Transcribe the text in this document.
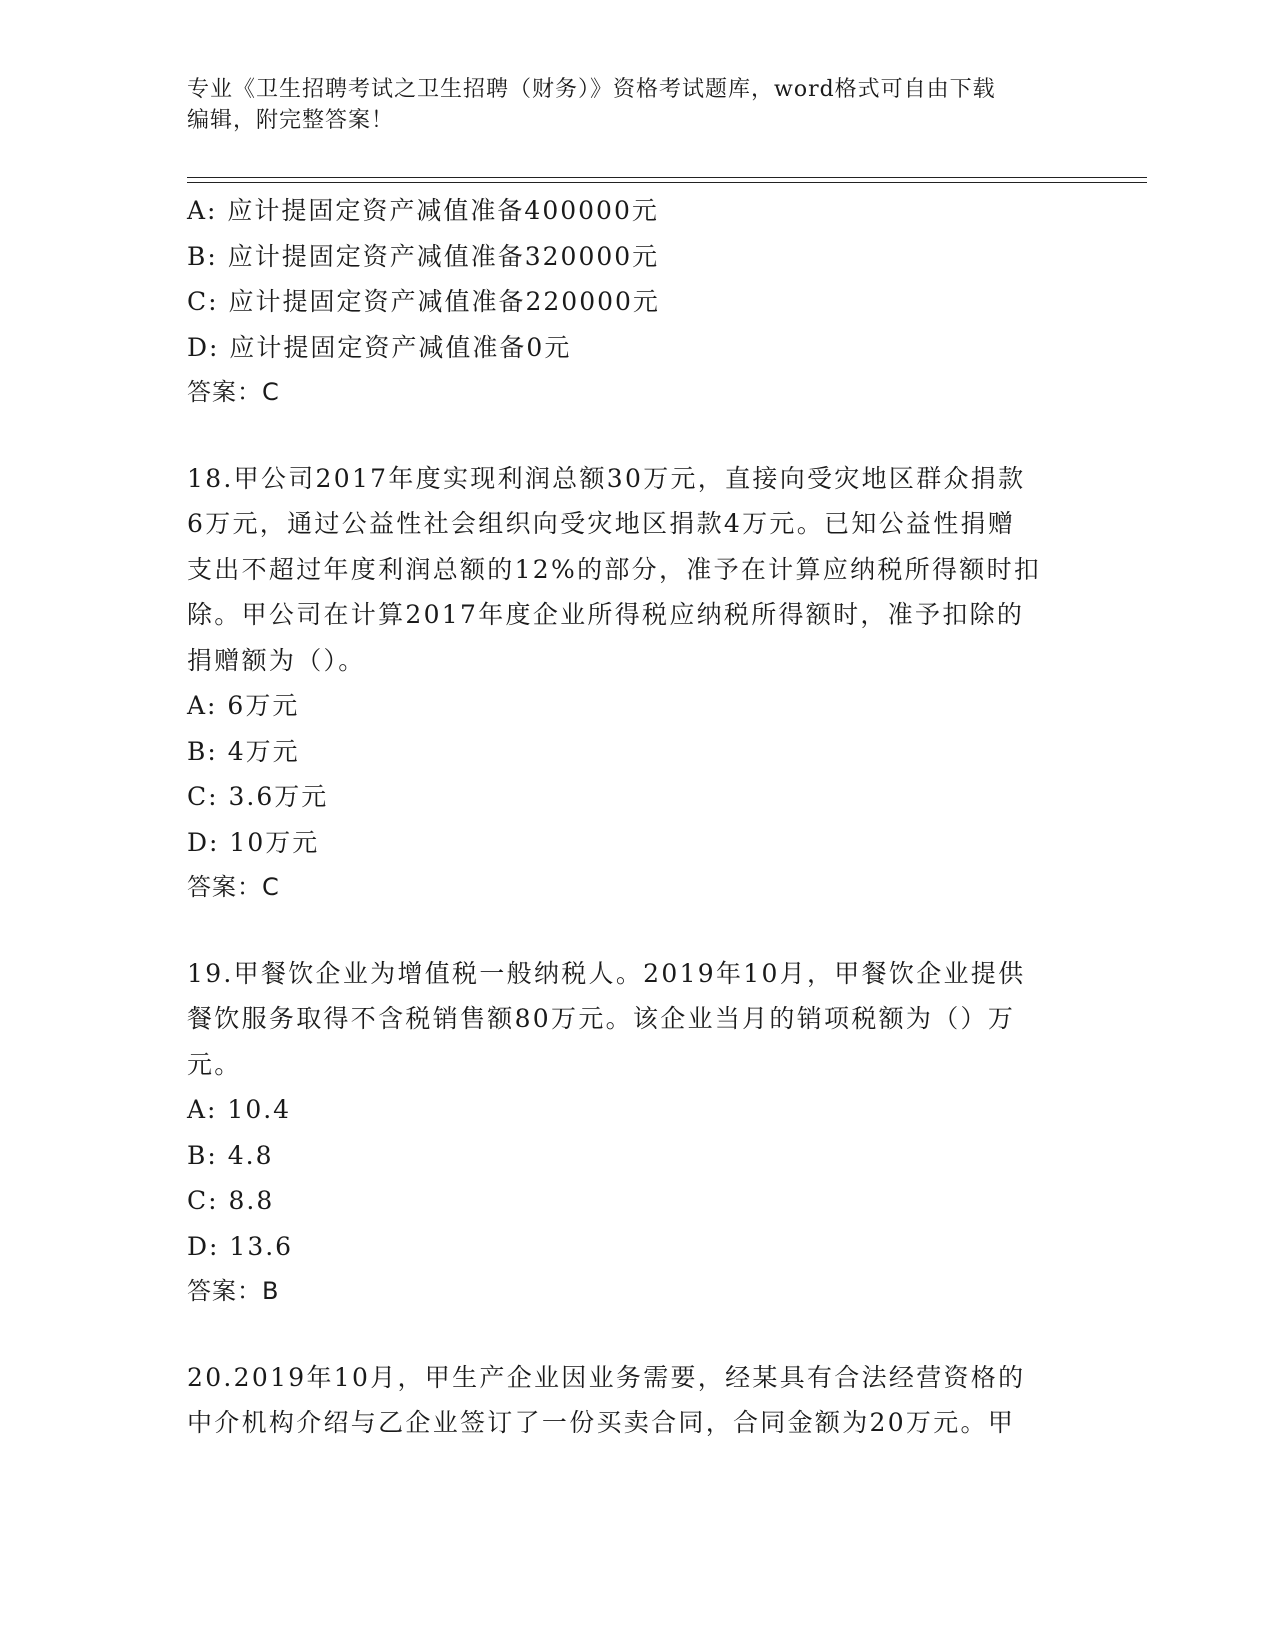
专业《卫生招聘考试之卫生招聘（财务）》资格考试题库，word格式可自由下载
编辑，附完整答案！
A: 应计提固定资产减值准备400000元
B: 应计提固定资产减值准备320000元
C: 应计提固定资产减值准备220000元
D: 应计提固定资产减值准备0元
答案：C
18.甲公司2017年度实现利润总额30万元，直接向受灾地区群众捐款
6万元，通过公益性社会组织向受灾地区捐款4万元。已知公益性捐赠
支出不超过年度利润总额的12%的部分，准予在计算应纳税所得额时扣
除。甲公司在计算2017年度企业所得税应纳税所得额时，准予扣除的
捐赠额为（）。
A: 6万元
B: 4万元
C: 3.6万元
D: 10万元
答案：C
19.甲餐饮企业为增值税一般纳税人。2019年10月，甲餐饮企业提供
餐饮服务取得不含税销售额80万元。该企业当月的销项税额为（）万
元。
A: 10.4
B: 4.8
C: 8.8
D: 13.6
答案：B
20.2019年10月，甲生产企业因业务需要，经某具有合法经营资格的
中介机构介绍与乙企业签订了一份买卖合同，合同金额为20万元。甲
